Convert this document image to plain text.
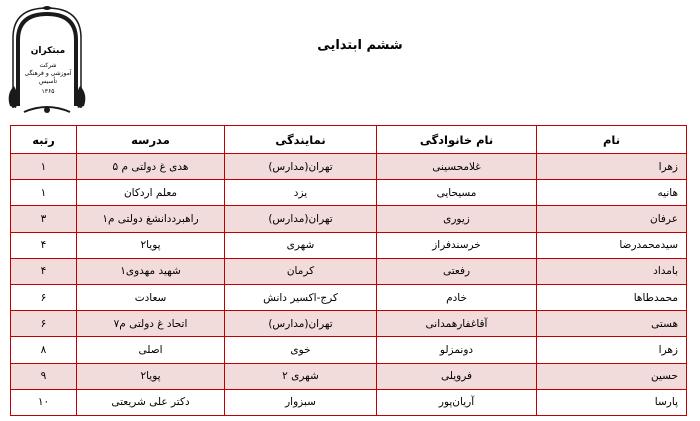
مبتكران
شركت
آموزشی و فرهنگی
تأسیس
۱۳۶۵
ششم ابتدايی
نام	نام خانوادگی	نمايندگی	مدرسه	رتبه
زهرا	غلامحسينی	تهران(مدارس)	هدی غ دولتی م ۵	۱
هانيه	مسيحايی	يزد	معلم اردكان	۱
عرفان	زيوری	تهران(مدارس)	راهبرددانشغ دولتی م۱	۳
سيدمحمدرضا	خرسندفراز	شهری	پويا۲	۴
بامداد	رفعتی	كرمان	شهيد مهدوی۱	۴
محمدطاها	خادم	كرج-اكسير دانش	سعادت	۶
هستی	آقاغفارهمدانی	تهران(مدارس)	اتحاد غ دولتی م۷	۶
زهرا	دونمزلو	خوی	اصلی	۸
حسين	فرويلی	شهری ۲	پويا۲	۹
پارسا	آريان‌پور	سبزوار	دكتر علی شريعتی	۱۰
